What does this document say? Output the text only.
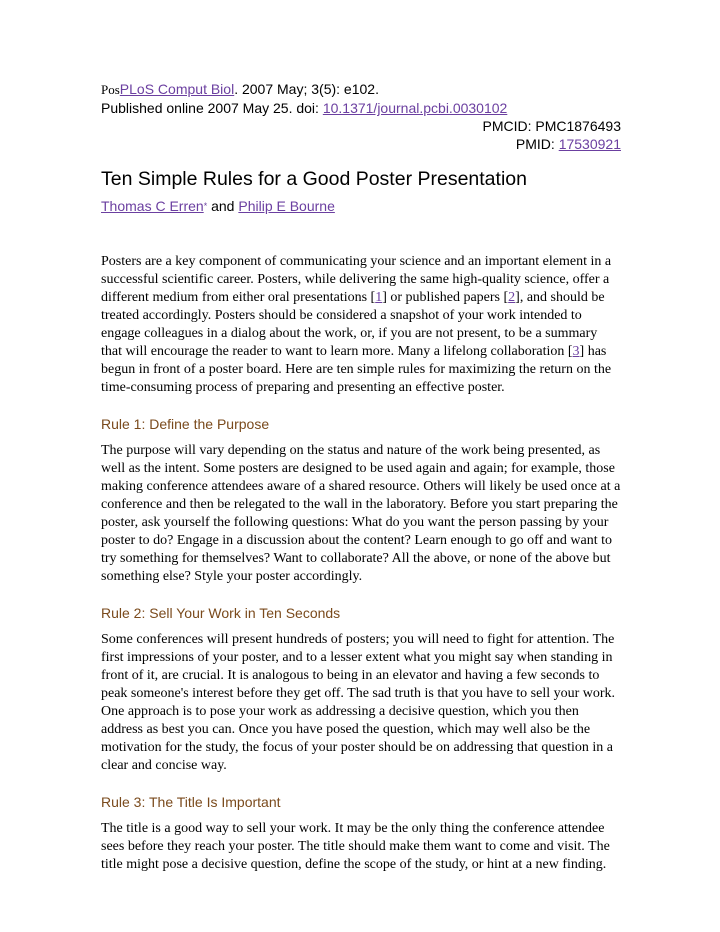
PosPLoS Comput Biol. 2007 May; 3(5): e102.
Published online 2007 May 25. doi: 10.1371/journal.pcbi.0030102
PMCID: PMC1876493
PMID: 17530921
Ten Simple Rules for a Good Poster Presentation
Thomas C Erren* and Philip E Bourne

Posters are a key component of communicating your science and an important element in a successful scientific career. Posters, while delivering the same high-quality science, offer a different medium from either oral presentations [1] or published papers [2], and should be treated accordingly. Posters should be considered a snapshot of your work intended to engage colleagues in a dialog about the work, or, if you are not present, to be a summary that will encourage the reader to want to learn more. Many a lifelong collaboration [3] has begun in front of a poster board. Here are ten simple rules for maximizing the return on the time-consuming process of preparing and presenting an effective poster.

Rule 1: Define the Purpose

The purpose will vary depending on the status and nature of the work being presented, as well as the intent. Some posters are designed to be used again and again; for example, those making conference attendees aware of a shared resource. Others will likely be used once at a conference and then be relegated to the wall in the laboratory. Before you start preparing the poster, ask yourself the following questions: What do you want the person passing by your poster to do? Engage in a discussion about the content? Learn enough to go off and want to try something for themselves? Want to collaborate? All the above, or none of the above but something else? Style your poster accordingly.

Rule 2: Sell Your Work in Ten Seconds

Some conferences will present hundreds of posters; you will need to fight for attention. The first impressions of your poster, and to a lesser extent what you might say when standing in front of it, are crucial. It is analogous to being in an elevator and having a few seconds to peak someone's interest before they get off. The sad truth is that you have to sell your work. One approach is to pose your work as addressing a decisive question, which you then address as best you can. Once you have posed the question, which may well also be the motivation for the study, the focus of your poster should be on addressing that question in a clear and concise way.

Rule 3: The Title Is Important

The title is a good way to sell your work. It may be the only thing the conference attendee sees before they reach your poster. The title should make them want to come and visit. The title might pose a decisive question, define the scope of the study, or hint at a new finding.
